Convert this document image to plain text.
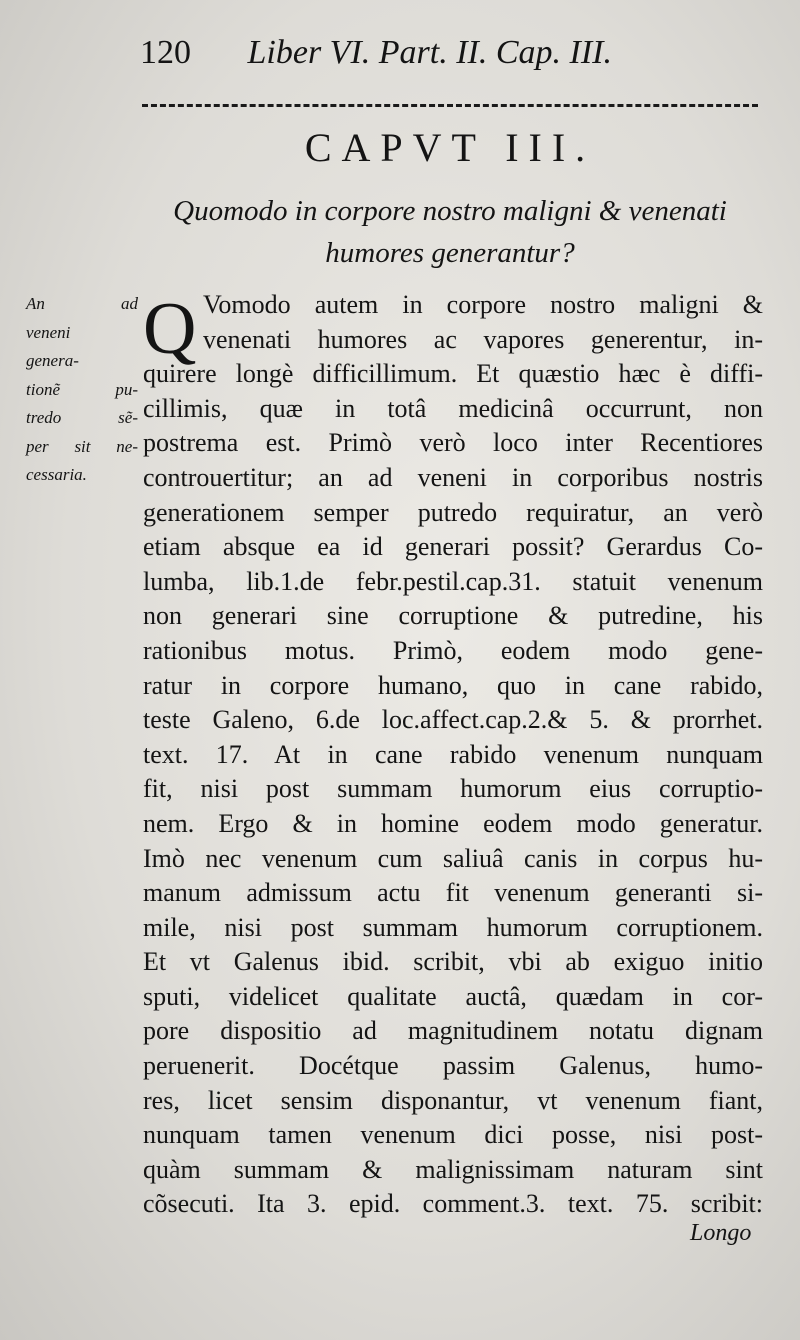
120 Liber VI. Part. II. Cap. III.
CAPVT III.
Quomodo in corpore nostro maligni & venenati
humores generantur?
An ad
veneni
genera-
tionẽ pu-
tredo sẽ-
per sit ne-
cessaria.
Q Vomodo autem in corpore nostro maligni &
venenati humores ac vapores generentur, in-
quirere longè difficillimum. Et quæstio hæc è diffi-
cillimis, quæ in totâ medicinâ occurrunt, non
postrema est. Primò verò loco inter Recentiores
controuertitur; an ad veneni in corporibus nostris
generationem semper putredo requiratur, an verò
etiam absque ea id generari possit? Gerardus Co-
lumba, lib.1.de febr.pestil.cap.31. statuit venenum
non generari sine corruptione & putredine, his
rationibus motus. Primò, eodem modo gene-
ratur in corpore humano, quo in cane rabido,
teste Galeno, 6.de loc.affect.cap.2.& 5. & prorrhet.
text. 17. At in cane rabido venenum nunquam
fit, nisi post summam humorum eius corruptio-
nem. Ergo & in homine eodem modo generatur.
Imò nec venenum cum saliuâ canis in corpus hu-
manum admissum actu fit venenum generanti si-
mile, nisi post summam humorum corruptionem.
Et vt Galenus ibid. scribit, vbi ab exiguo initio
sputi, videlicet qualitate auctâ, quædam in cor-
pore dispositio ad magnitudinem notatu dignam
peruenerit. Docétque passim Galenus, humo-
res, licet sensim disponantur, vt venenum fiant,
nunquam tamen venenum dici posse, nisi post-
quàm summam & malignissimam naturam sint
cõsecuti. Ita 3. epid. comment.3. text. 75. scribit:
Longo
